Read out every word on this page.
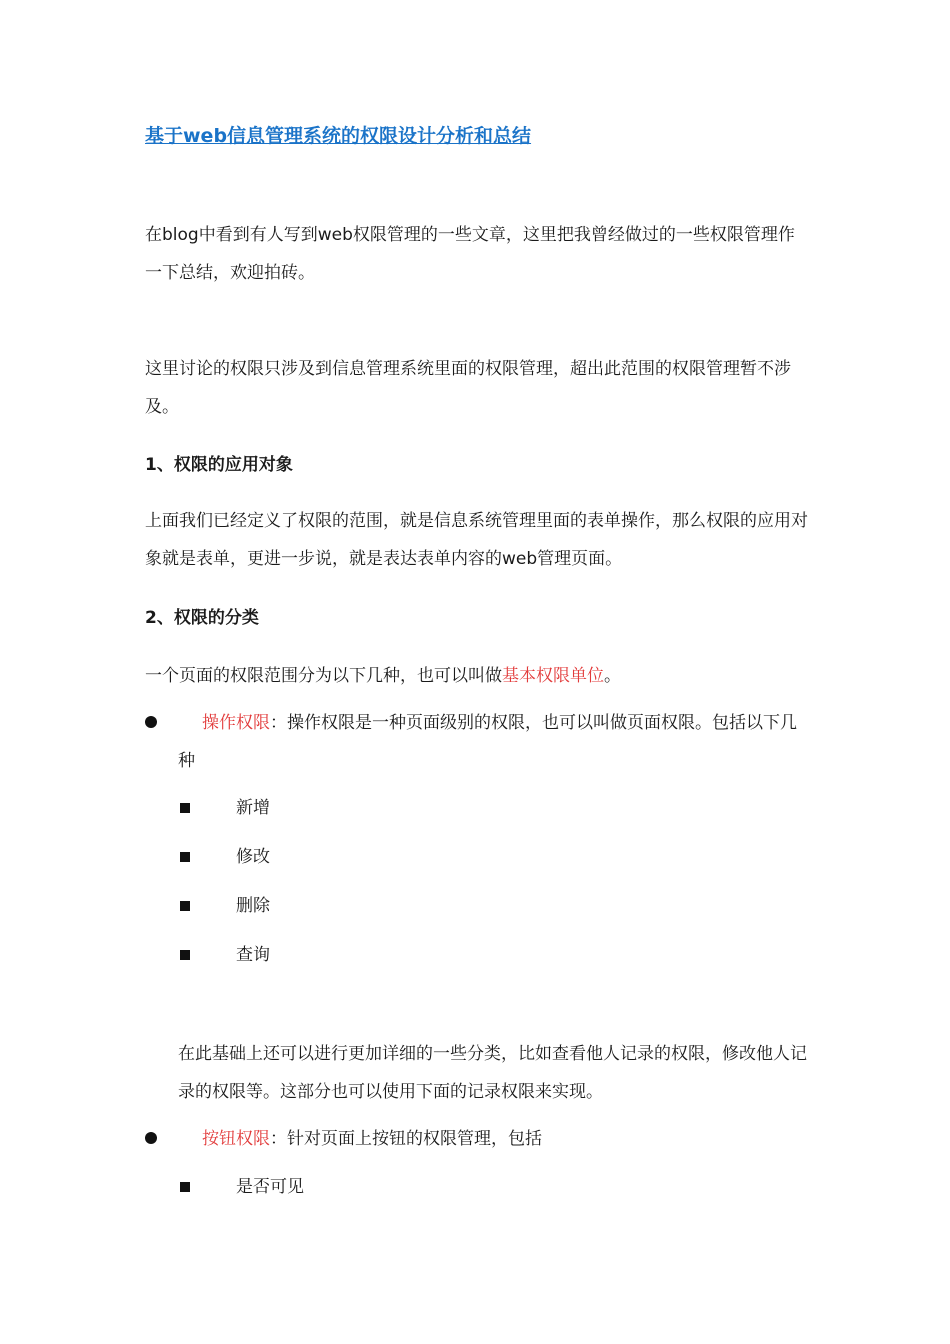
基于web信息管理系统的权限设计分析和总结

在blog中看到有人写到web权限管理的一些文章，这里把我曾经做过的一些权限管理作一下总结，欢迎拍砖。

这里讨论的权限只涉及到信息管理系统里面的权限管理，超出此范围的权限管理暂不涉及。

1、权限的应用对象

上面我们已经定义了权限的范围，就是信息系统管理里面的表单操作，那么权限的应用对象就是表单，更进一步说，就是表达表单内容的web管理页面。

2、权限的分类

一个页面的权限范围分为以下几种，也可以叫做基本权限单位。

操作权限：操作权限是一种页面级别的权限，也可以叫做页面权限。包括以下几种
新增
修改
删除
查询

在此基础上还可以进行更加详细的一些分类，比如查看他人记录的权限，修改他人记录的权限等。这部分也可以使用下面的记录权限来实现。

按钮权限：针对页面上按钮的权限管理，包括
是否可见
